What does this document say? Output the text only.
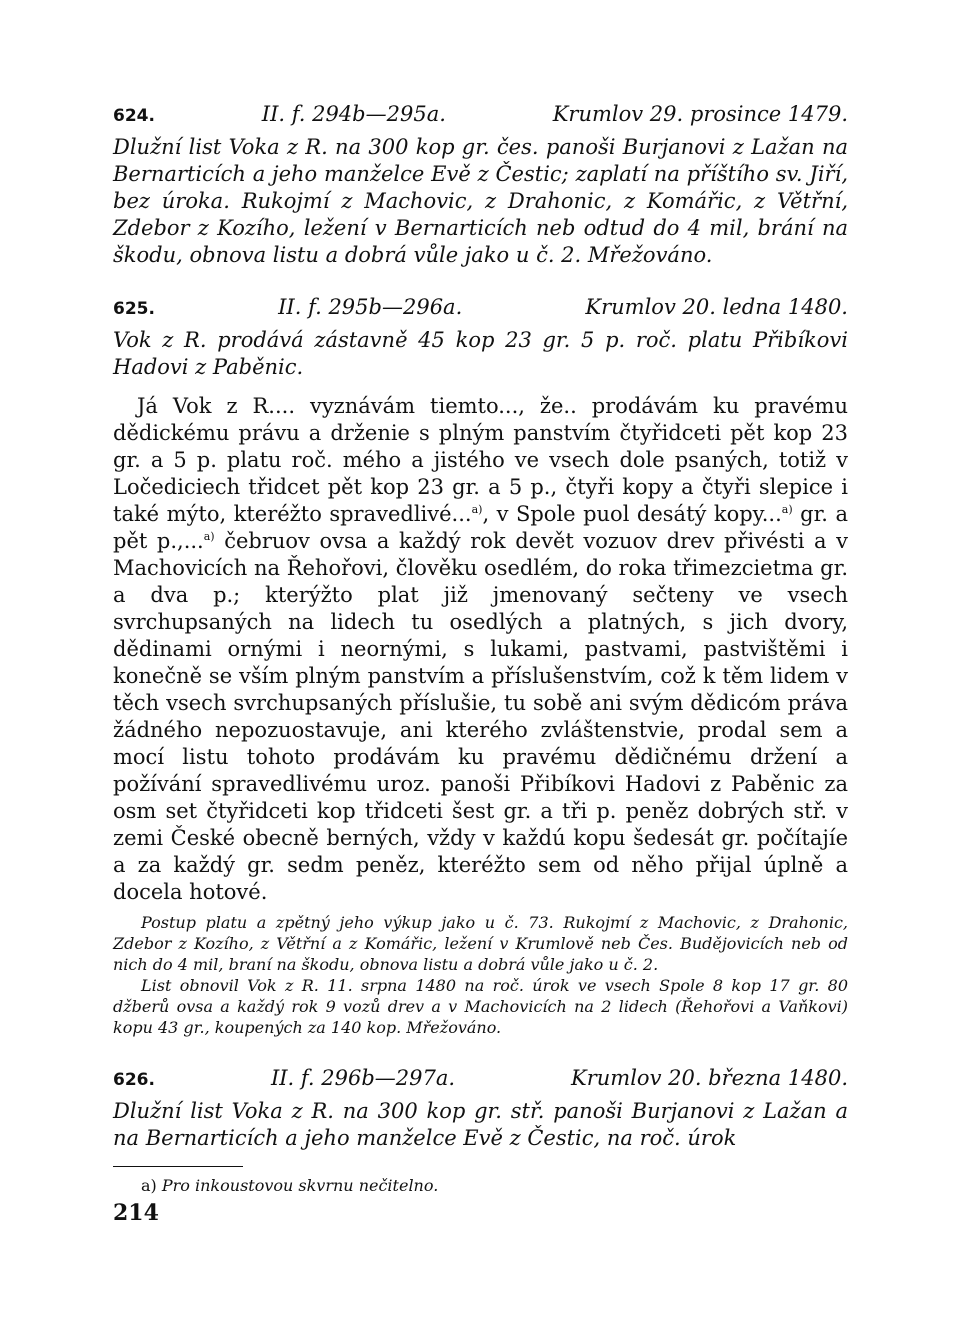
624.	II. f. 294b—295a.	Krumlov 29. prosince 1479.

Dlužní list Voka z R. na 300 kop gr. čes. panoši Burjanovi z Lažan na Bernarticích a jeho manželce Evě z Čestic; zaplatí na příštího sv. Jiří, bez úroka. Rukojmí z Machovic, z Drahonic, z Komářic, z Větřní, Zdebor z Kozího, ležení v Bernarticích neb odtud do 4 mil, brání na škodu, obnova listu a dobrá vůle jako u č. 2. Mřežováno.

625.	II. f. 295b—296a.	Krumlov 20. ledna 1480.

Vok z R. prodává zástavně 45 kop 23 gr. 5 p. roč. platu Přibíkovi Hadovi z Paběnic.

Já Vok z R.... vyznávám tiemto..., že.. prodávám ku pravému dědickému právu a drženie s plným panstvím čtyřidceti pět kop 23 gr. a 5 p. platu roč. mého a jistého ve vsech dole psaných, totiž v Ločediciech třidcet pět kop 23 gr. a 5 p., čtyři kopy a čtyři slepice i také mýto, kteréžto spravedlivé...$^{a)}$, v Spole puol desátý kopy...$^{a)}$ gr. a pět p.,...$^{a)}$ čebruov ovsa a každý rok devět vozuov drev přivésti a v Machovicích na Řehořovi, člověku osedlém, do roka třimezcietma gr. a dva p.; kterýžto plat již jmenovaný sečteny ve vsech svrchupsaných na lidech tu osedlých a platných, s jich dvory, dědinami ornými i neornými, s lukami, pastvami, pastvištěmi i konečně se vším plným panstvím a příslušenstvím, což k těm lidem v těch vsech svrchupsaných příslušie, tu sobě ani svým dědicóm práva žádného nepozuostavuje, ani kterého zvláštenstvie, prodal sem a mocí listu tohoto prodávám ku pravému dědičnému držení a požívání spravedlivému uroz. panoši Přibíkovi Hadovi z Paběnic za osm set čtyřidceti kop třidceti šest gr. a tři p. peněz dobrých stř. v zemi České obecně berných, vždy v každú kopu šedesát gr. počítajíe a za každý gr. sedm peněz, kteréžto sem od něho přijal úplně a docela hotové.

Postup platu a zpětný jeho výkup jako u č. 73. Rukojmí z Machovic, z Drahonic, Zdebor z Kozího, z Větřní a z Komářic, ležení v Krumlově neb Čes. Budějovicích neb od nich do 4 mil, braní na škodu, obnova listu a dobrá vůle jako u č. 2.

List obnovil Vok z R. 11. srpna 1480 na roč. úrok ve vsech Spole 8 kop 17 gr. 80 džberů ovsa a každý rok 9 vozů drev a v Machovicích na 2 lidech (Řehořovi a Vaňkovi) kopu 43 gr., koupených za 140 kop. Mřežováno.

626.	II. f. 296b—297a.	Krumlov 20. března 1480.

Dlužní list Voka z R. na 300 kop gr. stř. panoši Burjanovi z Lažan a na Bernarticích a jeho manželce Evě z Čestic, na roč. úrok

a) Pro inkoustovou skvrnu nečitelno.
214
